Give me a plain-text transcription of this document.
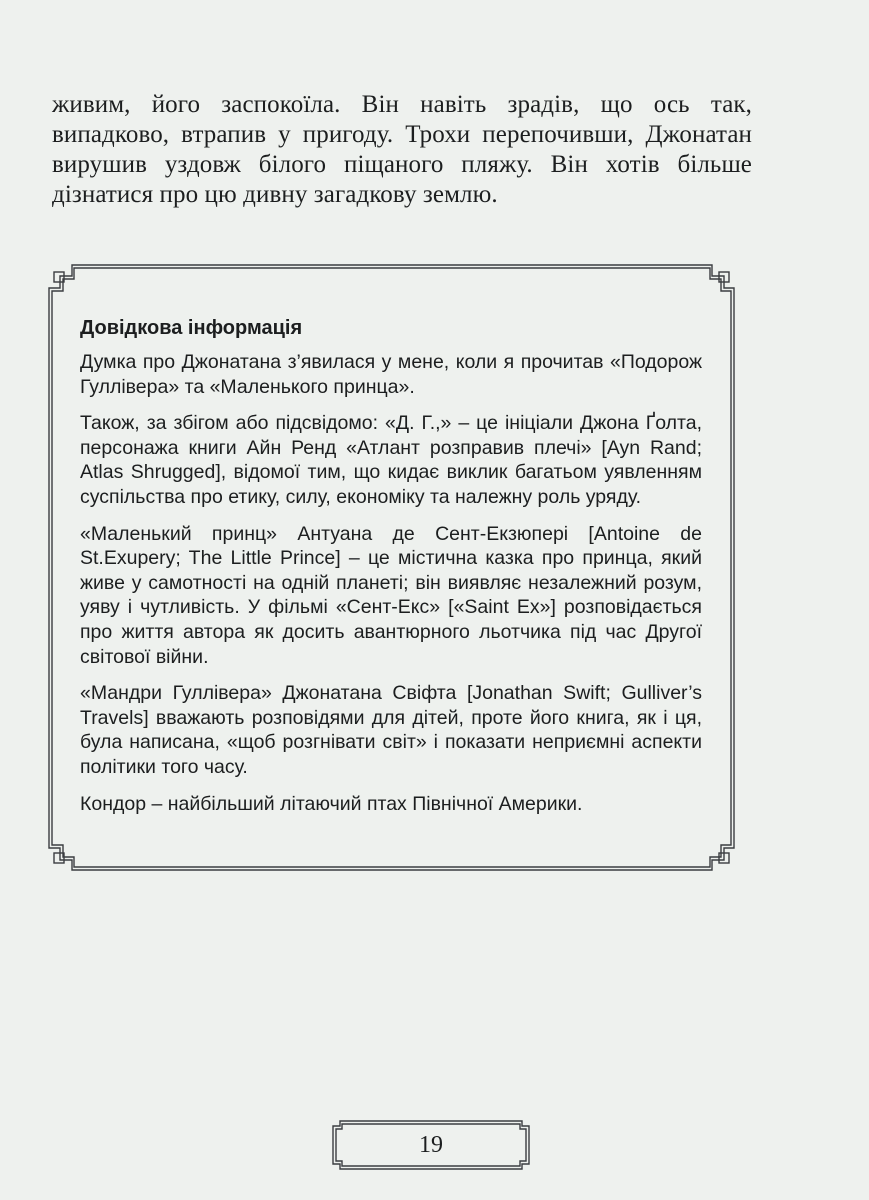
живим, його заспокоїла. Він навіть зрадів, що ось так, випадково, втрапив у пригоду. Трохи перепочивши, Джонатан вирушив уздовж білого піщаного пляжу. Він хотів більше дізнатися про цю дивну загадкову землю.

Довідкова інформація

Думка про Джонатана з’явилася у мене, коли я прочитав «Подорож Гуллівера» та «Маленького принца».

Також, за збігом або підсвідомо: «Д. Г.,» – це ініціали Джона Ґолта, персонажа книги Айн Ренд «Атлант розправив плечі» [Ayn Rand; Atlas Shrugged], відомої тим, що кидає виклик багатьом уявленням суспільства про етику, силу, економіку та належну роль уряду.

«Маленький принц» Антуана де Сент-Екзюпері [Antoine de St.Exupery; The Little Prince] – це містична казка про принца, який живе у самотності на одній планеті; він виявляє незалежний розум, уяву і чутливість. У фільмі «Сент-Екс» [«Saint Ex»] розповідається про життя автора як досить авантюрного льотчика під час Другої світової війни.

«Мандри Гуллівера» Джонатана Свіфта [Jonathan Swift; Gulliver’s Travels] вважають розповідями для дітей, проте його книга, як і ця, була написана, «щоб розгнівати світ» і показати неприємні аспекти політики того часу.

Кондор – найбільший літаючий птах Північної Америки.

19
